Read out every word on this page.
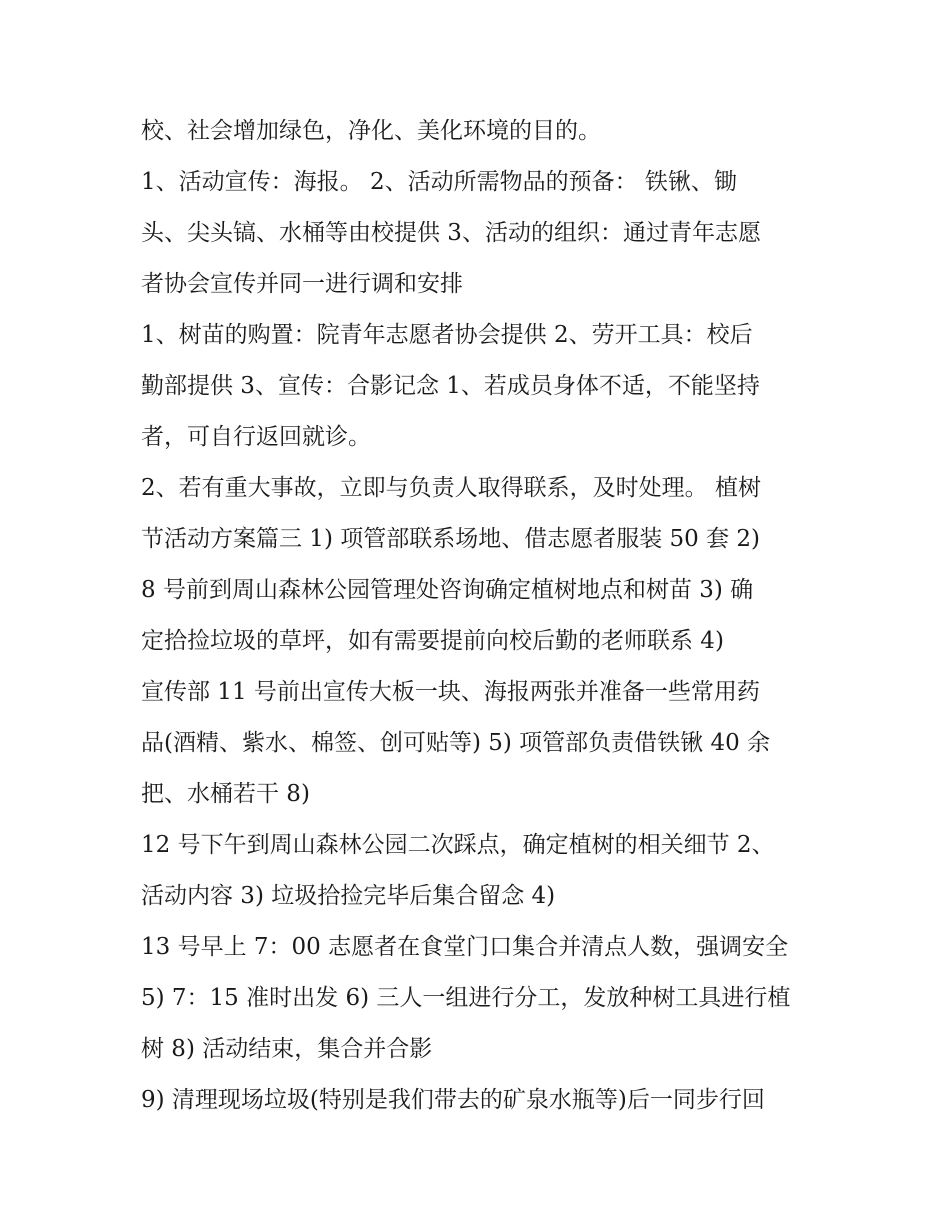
校、社会增加绿色，净化、美化环境的目的。
1、活动宣传：海报。 2、活动所需物品的预备： 铁锹、锄
头、尖头镐、水桶等由校提供 3、活动的组织：通过青年志愿
者协会宣传并同一进行调和安排
1、树苗的购置：院青年志愿者协会提供 2、劳开工具：校后
勤部提供 3、宣传：合影记念 1、若成员身体不适，不能坚持
者，可自行返回就诊。
2、若有重大事故，立即与负责人取得联系，及时处理。 植树
节活动方案篇三 1) 项管部联系场地、借志愿者服装 50 套 2)
8 号前到周山森林公园管理处咨询确定植树地点和树苗 3) 确
定拾捡垃圾的草坪，如有需要提前向校后勤的老师联系 4)
宣传部 11 号前出宣传大板一块、海报两张并准备一些常用药
品(酒精、紫水、棉签、创可贴等) 5) 项管部负责借铁锹 40 余
把、水桶若干 8)
12 号下午到周山森林公园二次踩点，确定植树的相关细节 2、
活动内容 3) 垃圾拾捡完毕后集合留念 4)
13 号早上 7：00 志愿者在食堂门口集合并清点人数，强调安全
5) 7：15 准时出发 6) 三人一组进行分工，发放种树工具进行植
树 8) 活动结束，集合并合影
9) 清理现场垃圾(特别是我们带去的矿泉水瓶等)后一同步行回
